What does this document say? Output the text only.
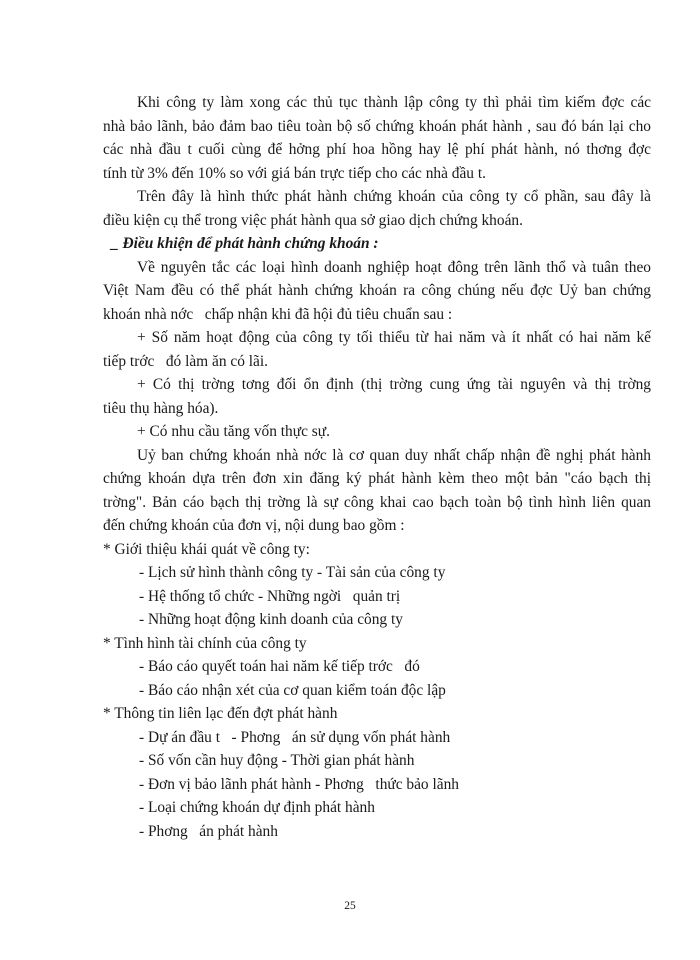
Khi công ty làm xong các thủ tục thành lập công ty thì phải tìm kiếm đợc các
nhà bảo lãnh, bảo đảm bao tiêu toàn bộ số chứng khoán phát hành , sau đó bán lại cho
các nhà đầu t cuối cùng để hởng phí hoa hồng hay lệ phí phát hành, nó thơng đợc
tính từ 3% đến 10% so với giá bán trực tiếp cho các nhà đầu t.
Trên đây là hình thức phát hành chứng khoán của công ty cổ phần, sau đây là
điều kiện cụ thể trong việc phát hành qua sở giao dịch chứng khoán.
_ Điều khiện để phát hành chứng khoán :
Về nguyên tắc các loại hình doanh nghiệp hoạt đông trên lãnh thổ và tuân theo
Việt Nam đều có thể phát hành chứng khoán ra công chúng nếu đợc Uỷ ban chứng
khoán nhà nớc   chấp nhận khi đã hội đủ tiêu chuẩn sau :
+ Số năm hoạt động của công ty tối thiểu từ hai năm và ít nhất có hai năm kế
tiếp trớc   đó làm ăn có lãi.
+ Có thị trờng tơng đối ổn định (thị trờng cung ứng tài nguyên và thị trờng
tiêu thụ hàng hóa).
+ Có nhu cầu tăng vốn thực sự.
Uỷ ban chứng khoán nhà nớc là cơ quan duy nhất chấp nhận đề nghị phát hành
chứng khoán dựa trên đơn xin đăng ký phát hành kèm theo một bản "cáo bạch thị
trờng". Bản cáo bạch thị trờng là sự công khai cao bạch toàn bộ tình hình liên quan
đến chứng khoán của đơn vị, nội dung bao gồm :
* Giới thiệu khái quát về công ty:
- Lịch sử hình thành công ty - Tài sản của công ty
- Hệ thống tổ chức - Những ngời   quản trị
- Những hoạt động kinh doanh của công ty
* Tình hình tài chính của công ty
- Báo cáo quyết toán hai năm kế tiếp trớc   đó
- Báo cáo nhận xét của cơ quan kiểm toán độc lập
* Thông tin liên lạc đến đợt phát hành
- Dự án đầu t   - Phơng   án sử dụng vốn phát hành
- Số vốn cần huy động - Thời gian phát hành
- Đơn vị bảo lãnh phát hành - Phơng   thức bảo lãnh
- Loại chứng khoán dự định phát hành
- Phơng   án phát hành
25
